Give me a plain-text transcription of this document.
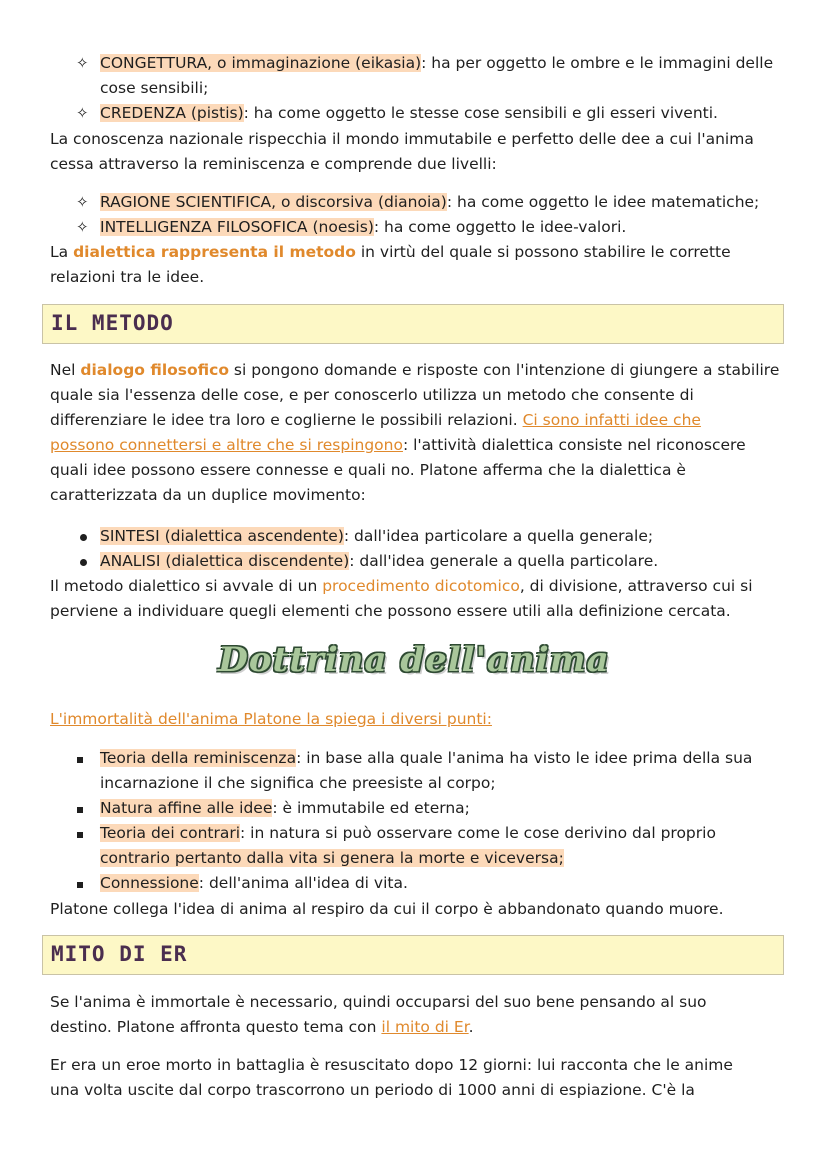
✧ CONGETTURA, o immaginazione (eikasia): ha per oggetto le ombre e le immagini delle

cose sensibili;

✧ CREDENZA (pistis): ha come oggetto le stesse cose sensibili e gli esseri viventi.

La conoscenza nazionale rispecchia il mondo immutabile e perfetto delle dee a cui l'anima

cessa attraverso la reminiscenza e comprende due livelli:

✧ RAGIONE SCIENTIFICA, o discorsiva (dianoia): ha come oggetto le idee matematiche;

✧ INTELLIGENZA FILOSOFICA (noesis): ha come oggetto le idee-valori.

La dialettica rappresenta il metodo in virtù del quale si possono stabilire le corrette

relazioni tra le idee.

IL METODO

Nel dialogo filosofico si pongono domande e risposte con l'intenzione di giungere a stabilire

quale sia l'essenza delle cose, e per conoscerlo utilizza un metodo che consente di

differenziare le idee tra loro e coglierne le possibili relazioni. Ci sono infatti idee che

possono connettersi e altre che si respingono: l'attività dialettica consiste nel riconoscere

quali idee possono essere connesse e quali no. Platone afferma che la dialettica è

caratterizzata da un duplice movimento:

SINTESI (dialettica ascendente): dall'idea particolare a quella generale;

ANALISI (dialettica discendente): dall'idea generale a quella particolare.

Il metodo dialettico si avvale di un procedimento dicotomico, di divisione, attraverso cui si

perviene a individuare quegli elementi che possono essere utili alla definizione cercata.

Dottrina dell'anima

L'immortalità dell'anima Platone la spiega i diversi punti:

Teoria della reminiscenza: in base alla quale l'anima ha visto le idee prima della sua

incarnazione il che significa che preesiste al corpo;

Natura affine alle idee: è immutabile ed eterna;

Teoria dei contrari: in natura si può osservare come le cose derivino dal proprio

contrario pertanto dalla vita si genera la morte e viceversa;

Connessione: dell'anima all'idea di vita.

Platone collega l'idea di anima al respiro da cui il corpo è abbandonato quando muore.

MITO DI ER

Se l'anima è immortale è necessario, quindi occuparsi del suo bene pensando al suo

destino. Platone affronta questo tema con il mito di Er.

Er era un eroe morto in battaglia è resuscitato dopo 12 giorni: lui racconta che le anime

una volta uscite dal corpo trascorrono un periodo di 1000 anni di espiazione. C'è la
